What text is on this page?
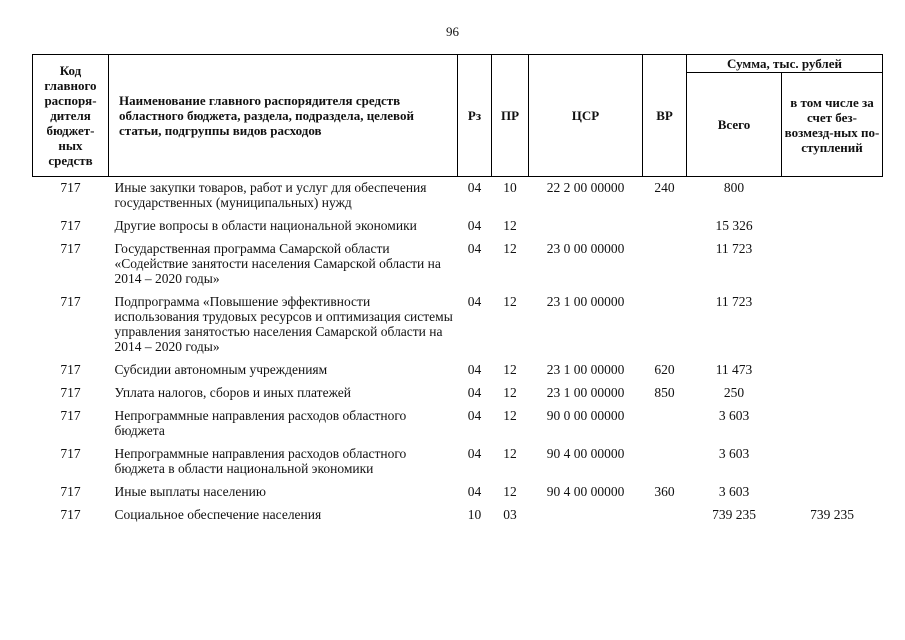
96
Код главного распоря-дителя бюджет-ных средств	Наименование главного распорядителя средств областного бюджета, раздела, подраздела, целевой статьи, подгруппы видов расходов	Рз	ПР	ЦСР	ВР	Сумма, тыс. рублей	
						Всего	в том числе за счет без-возмезд-ных по-ступлений
717	Иные закупки товаров, работ и услуг для обеспечения государственных (муниципальных) нужд	04	10	22 2 00 00000	240	800	
717	Другие вопросы в области национальной экономики	04	12			15 326	
717	Государственная программа Самарской области «Содействие занятости населения Самарской области на 2014 – 2020 годы»	04	12	23 0 00 00000		11 723	
717	Подпрограмма «Повышение эффективности использования трудовых ресурсов и оптимизация системы управления занятостью населения Самарской области на 2014 – 2020 годы»	04	12	23 1 00 00000		11 723	
717	Субсидии автономным учреждениям	04	12	23 1 00 00000	620	11 473	
717	Уплата налогов, сборов и иных платежей	04	12	23 1 00 00000	850	250	
717	Непрограммные направления расходов областного бюджета	04	12	90 0 00 00000		3 603	
717	Непрограммные направления расходов областного бюджета в области национальной экономики	04	12	90 4 00 00000		3 603	
717	Иные выплаты населению	04	12	90 4 00 00000	360	3 603	
717	Социальное обеспечение населения	10	03			739 235	739 235
